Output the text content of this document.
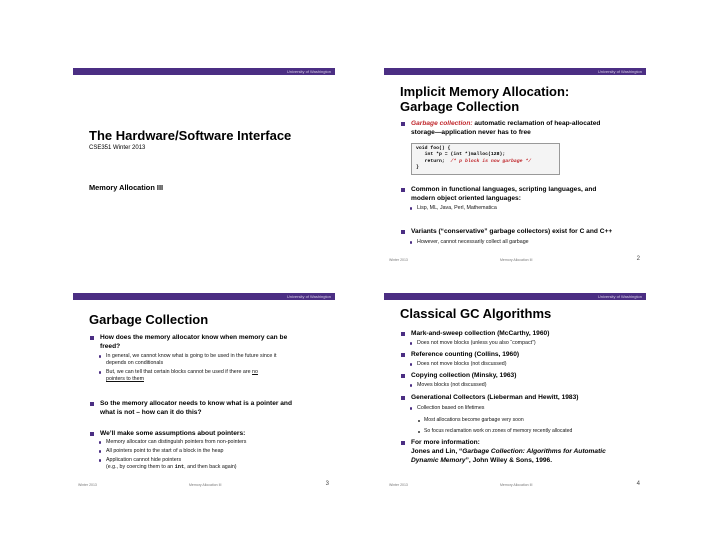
University of Washington
The Hardware/Software Interface
CSE351 Winter 2013
Memory Allocation III
University of Washington
Implicit Memory Allocation:
Garbage Collection
Garbage collection: automatic reclamation of heap-allocated
storage—application never has to free
void foo() {
int *p = (int *)malloc(128);
return;  /* p block is now garbage */
}
Common in functional languages, scripting languages, and
modern object oriented languages:
Lisp, ML, Java, Perl, Mathematica
Variants (“conservative” garbage collectors) exist for C and C++
However, cannot necessarily collect all garbage
Winter 2013	Memory Allocation III	2
University of Washington
Garbage Collection
How does the memory allocator know when memory can be
freed?
In general, we cannot know what is going to be used in the future since it
depends on conditionals
But, we can tell that certain blocks cannot be used if there are no
pointers to them
So the memory allocator needs to know what is a pointer and
what is not – how can it do this?
We’ll make some assumptions about pointers:
Memory allocator can distinguish pointers from non-pointers
All pointers point to the start of a block in the heap
Application cannot hide pointers
(e.g., by coercing them to an int, and then back again)
Winter 2013	Memory Allocation III	3
University of Washington
Classical GC Algorithms
Mark-and-sweep collection (McCarthy, 1960)
Does not move blocks (unless you also “compact”)
Reference counting (Collins, 1960)
Does not move blocks (not discussed)
Copying collection (Minsky, 1963)
Moves blocks (not discussed)
Generational Collectors (Lieberman and Hewitt, 1983)
Collection based on lifetimes
Most allocations become garbage very soon
So focus reclamation work on zones of memory recently allocated
For more information:
Jones and Lin, “Garbage Collection: Algorithms for Automatic
Dynamic Memory”, John Wiley & Sons, 1996.
Winter 2013	Memory Allocation III	4
